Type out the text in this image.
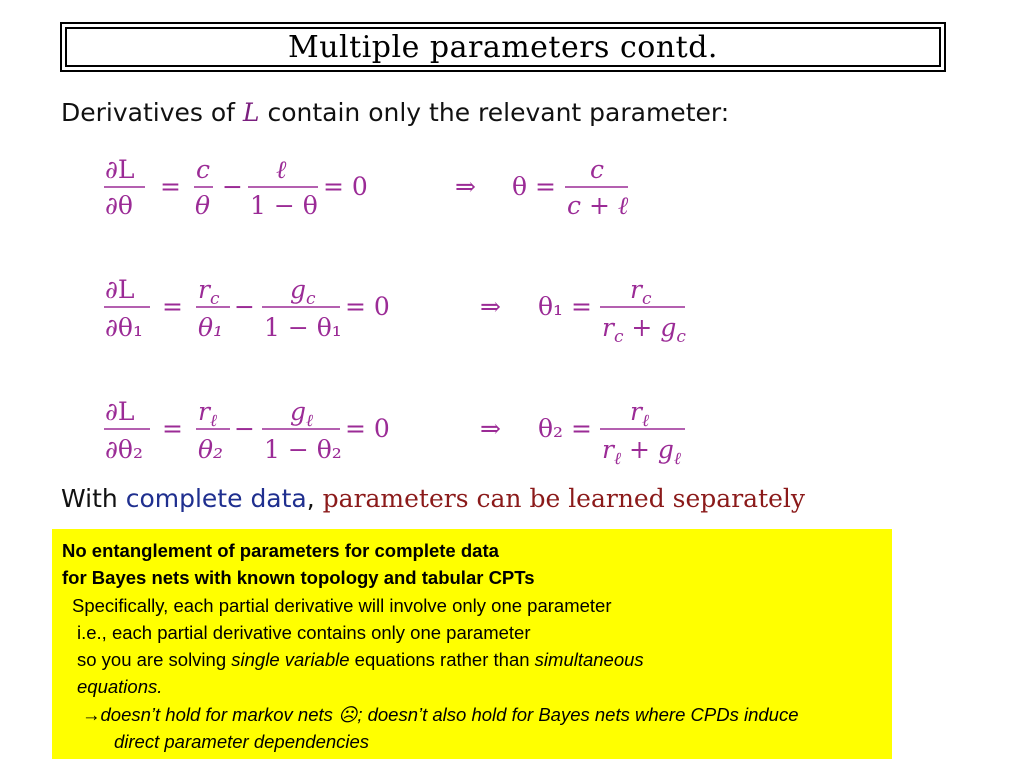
Multiple parameters contd.
Derivatives of L contain only the relevant parameter:
∂L
∂θ
=
c
θ
−
ℓ
1 − θ
= 0	⇒ θ =
c
c + ℓ
∂L
∂θ₁
=
$r_c$
θ₁
−
$g_c$
1 − θ₁
= 0	⇒ θ₁ =
$r_c$
$r_c + g_c$
∂L
∂θ₂
=
$r_\ell$
θ₂
−
$g_\ell$
1 − θ₂
= 0	⇒ θ₂ =
$r_\ell$
$r_\ell + g_\ell$
With complete data, parameters can be learned separately
No entanglement of parameters for complete data
for Bayes nets with known topology and tabular CPTs
Specifically, each partial derivative will involve only one parameter
i.e., each partial derivative contains only one parameter
so you are solving single variable equations rather than simultaneous
equations.
→doesn’t hold for markov nets ☹; doesn’t also hold for Bayes nets where CPDs induce
direct parameter dependencies
